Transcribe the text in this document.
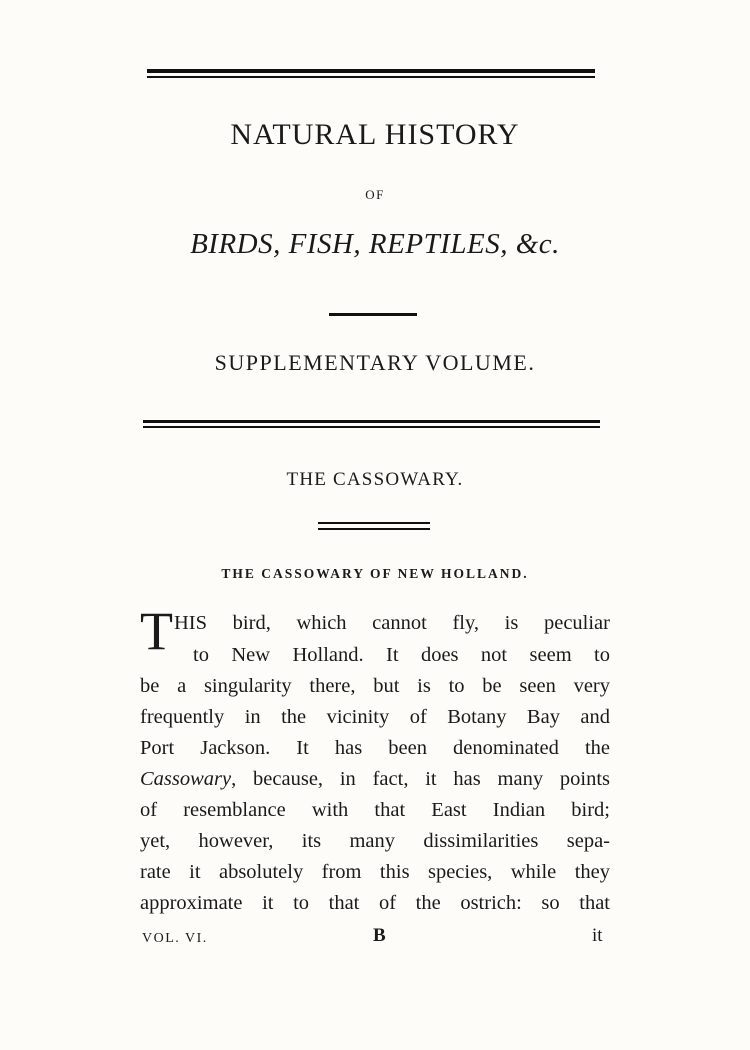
NATURAL HISTORY
OF
BIRDS, FISH, REPTILES, &c.
SUPPLEMENTARY VOLUME.
THE CASSOWARY.
THE CASSOWARY OF NEW HOLLAND.
T HIS bird, which cannot fly, is peculiar
to New Holland. It does not seem to
be a singularity there, but is to be seen very
frequently in the vicinity of Botany Bay and
Port Jackson. It has been denominated the
Cassowary, because, in fact, it has many points
of resemblance with that East Indian bird;
yet, however, its many dissimilarities sepa-
rate it absolutely from this species, while they
approximate it to that of the ostrich: so that
VOL. VI.	B	it
